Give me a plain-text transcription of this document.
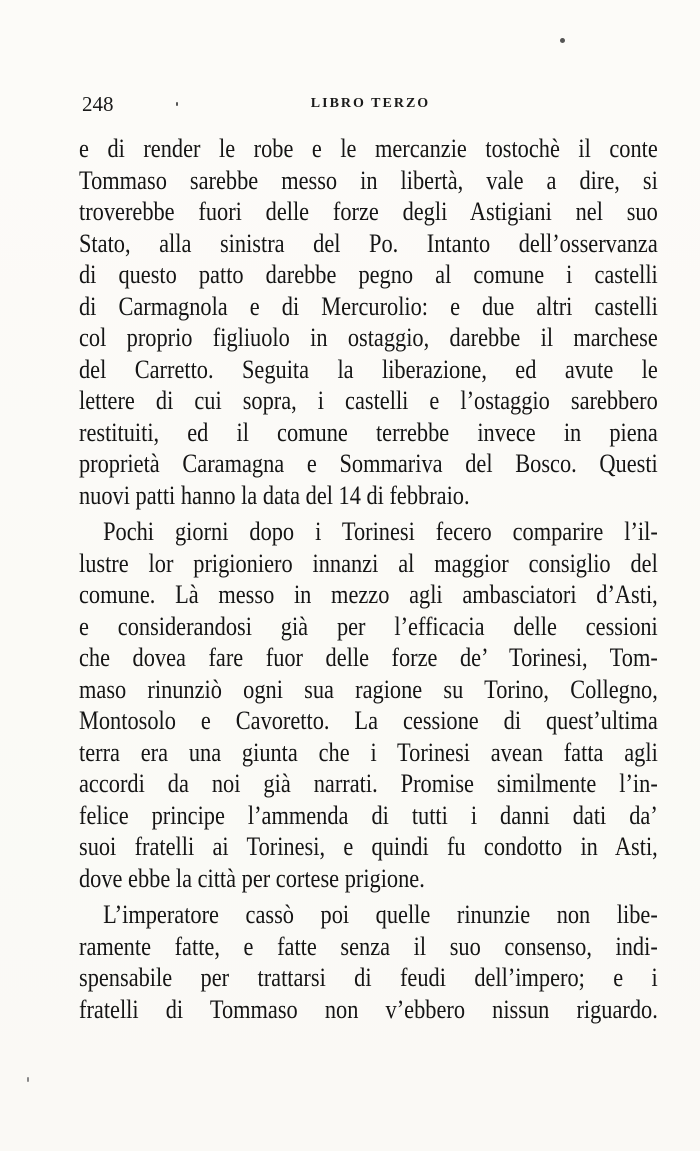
248	LIBRO TERZO
e di render le robe e le mercanzie tostochè il conte
Tommaso sarebbe messo in libertà, vale a dire, si
troverebbe fuori delle forze degli Astigiani nel suo
Stato, alla sinistra del Po. Intanto dell’osservanza
di questo patto darebbe pegno al comune i castelli
di Carmagnola e di Mercurolio: e due altri castelli
col proprio figliuolo in ostaggio, darebbe il marchese
del Carretto. Seguita la liberazione, ed avute le
lettere di cui sopra, i castelli e l’ostaggio sarebbero
restituiti, ed il comune terrebbe invece in piena
proprietà Caramagna e Sommariva del Bosco. Questi
nuovi patti hanno la data del 14 di febbraio.
Pochi giorni dopo i Torinesi fecero comparire l’il-
lustre lor prigioniero innanzi al maggior consiglio del
comune. Là messo in mezzo agli ambasciatori d’Asti,
e considerandosi già per l’efficacia delle cessioni
che dovea fare fuor delle forze de’ Torinesi, Tom-
maso rinunziò ogni sua ragione su Torino, Collegno,
Montosolo e Cavoretto. La cessione di quest’ultima
terra era una giunta che i Torinesi avean fatta agli
accordi da noi già narrati. Promise similmente l’in-
felice principe l’ammenda di tutti i danni dati da’
suoi fratelli ai Torinesi, e quindi fu condotto in Asti,
dove ebbe la città per cortese prigione.
L’imperatore cassò poi quelle rinunzie non libe-
ramente fatte, e fatte senza il suo consenso, indi-
spensabile per trattarsi di feudi dell’impero; e i
fratelli di Tommaso non v’ebbero nissun riguardo.
